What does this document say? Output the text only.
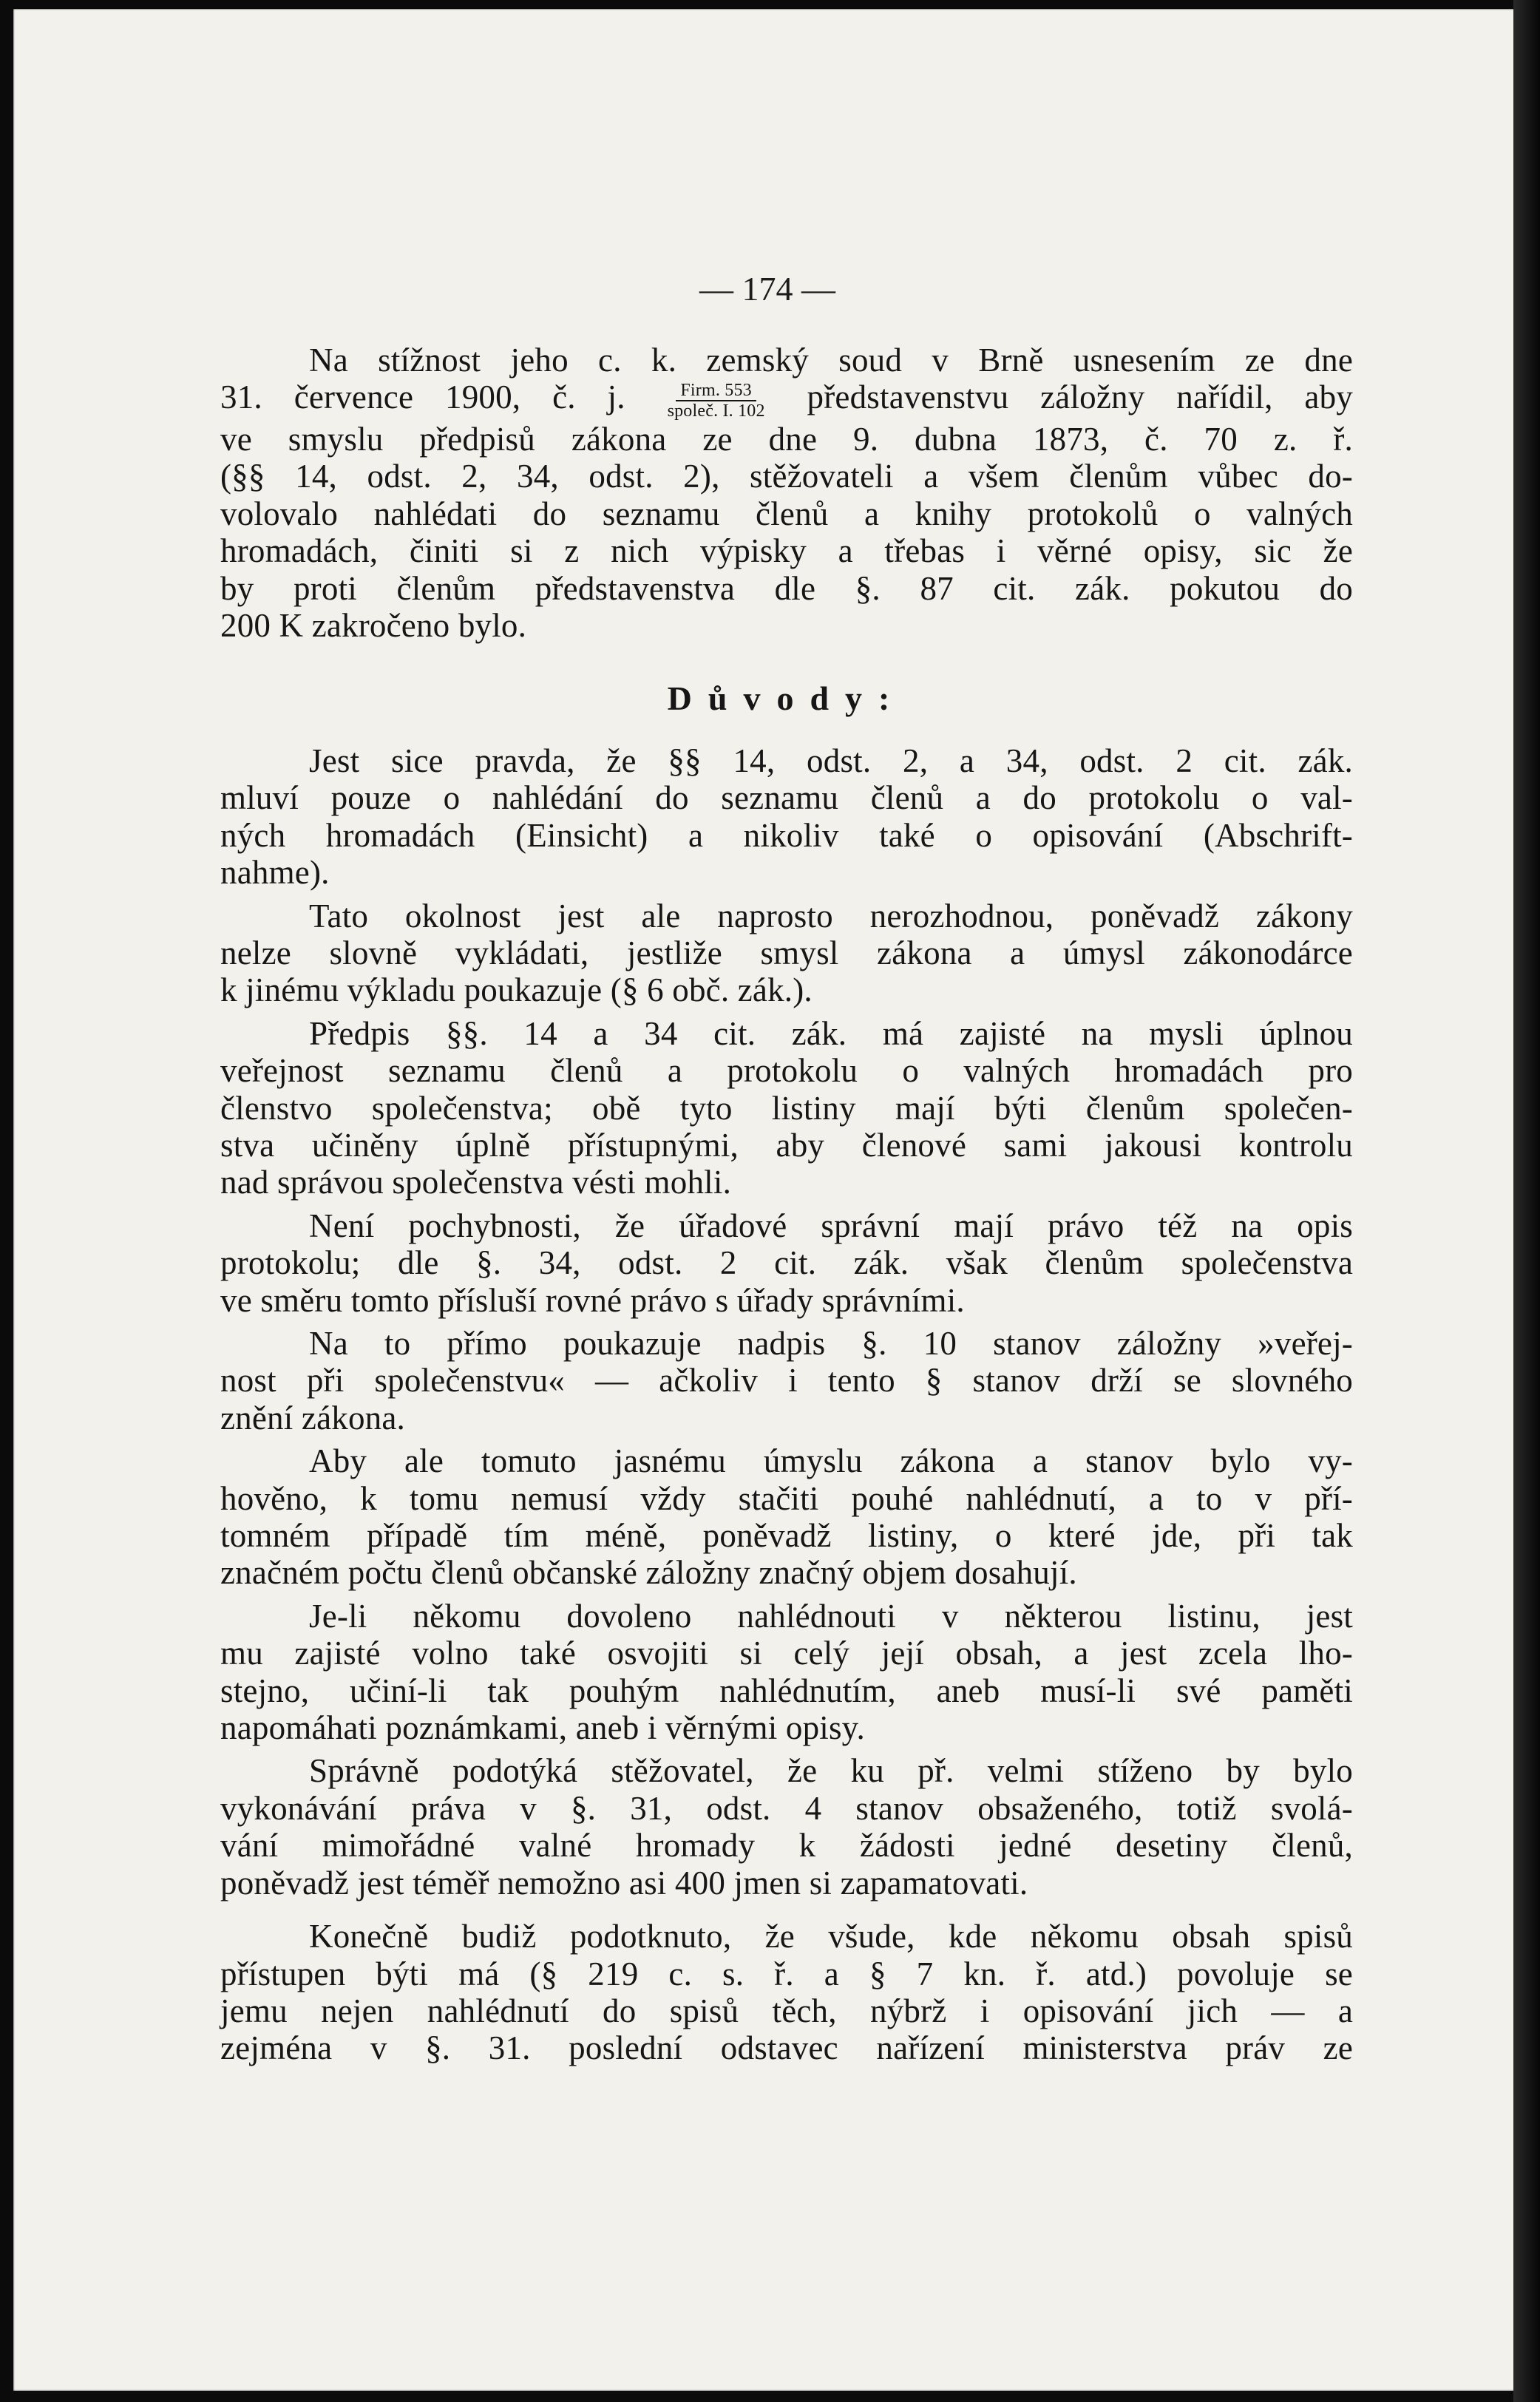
— 174 —

Na stížnost jeho c. k. zemský soud v Brně usnesením ze dne
31. července 1900, č. j. $\frac{\text{Firm. 553}}{\text{společ. I. 102}}$ představenstvu záložny nařídil, aby
ve smyslu předpisů zákona ze dne 9. dubna 1873, č. 70 z. ř.
(§§ 14, odst. 2, 34, odst. 2), stěžovateli a všem členům vůbec do-
volovalo nahlédati do seznamu členů a knihy protokolů o valných
hromadách, činiti si z nich výpisky a třebas i věrné opisy, sic že
by proti členům představenstva dle §. 87 cit. zák. pokutou do
200 K zakročeno bylo.

Důvody:

Jest sice pravda, že §§ 14, odst. 2, a 34, odst. 2 cit. zák.
mluví pouze o nahlédání do seznamu členů a do protokolu o val-
ných hromadách (Einsicht) a nikoliv také o opisování (Abschrift-
nahme).

Tato okolnost jest ale naprosto nerozhodnou, poněvadž zákony
nelze slovně vykládati, jestliže smysl zákona a úmysl zákonodárce
k jinému výkladu poukazuje (§ 6 obč. zák.).

Předpis §§. 14 a 34 cit. zák. má zajisté na mysli úplnou
veřejnost seznamu členů a protokolu o valných hromadách pro
členstvo společenstva; obě tyto listiny mají býti členům společen-
stva učiněny úplně přístupnými, aby členové sami jakousi kontrolu
nad správou společenstva vésti mohli.

Není pochybnosti, že úřadové správní mají právo též na opis
protokolu; dle §. 34, odst. 2 cit. zák. však členům společenstva
ve směru tomto přísluší rovné právo s úřady správními.

Na to přímo poukazuje nadpis §. 10 stanov záložny »veřej-
nost při společenstvu« — ačkoliv i tento § stanov drží se slovného
znění zákona.

Aby ale tomuto jasnému úmyslu zákona a stanov bylo vy-
hověno, k tomu nemusí vždy stačiti pouhé nahlédnutí, a to v pří-
tomném případě tím méně, poněvadž listiny, o které jde, při tak
značném počtu členů občanské záložny značný objem dosahují.

Je-li někomu dovoleno nahlédnouti v některou listinu, jest
mu zajisté volno také osvojiti si celý její obsah, a jest zcela lho-
stejno, učiní-li tak pouhým nahlédnutím, aneb musí-li své paměti
napomáhati poznámkami, aneb i věrnými opisy.

Správně podotýká stěžovatel, že ku př. velmi stíženo by bylo
vykonávání práva v §. 31, odst. 4 stanov obsaženého, totiž svolá-
vání mimořádné valné hromady k žádosti jedné desetiny členů,
poněvadž jest téměř nemožno asi 400 jmen si zapamatovati.

Konečně budiž podotknuto, že všude, kde někomu obsah spisů
přístupen býti má (§ 219 c. s. ř. a § 7 kn. ř. atd.) povoluje se
jemu nejen nahlédnutí do spisů těch, nýbrž i opisování jich — a
zejména v §. 31. poslední odstavec nařízení ministerstva práv ze
